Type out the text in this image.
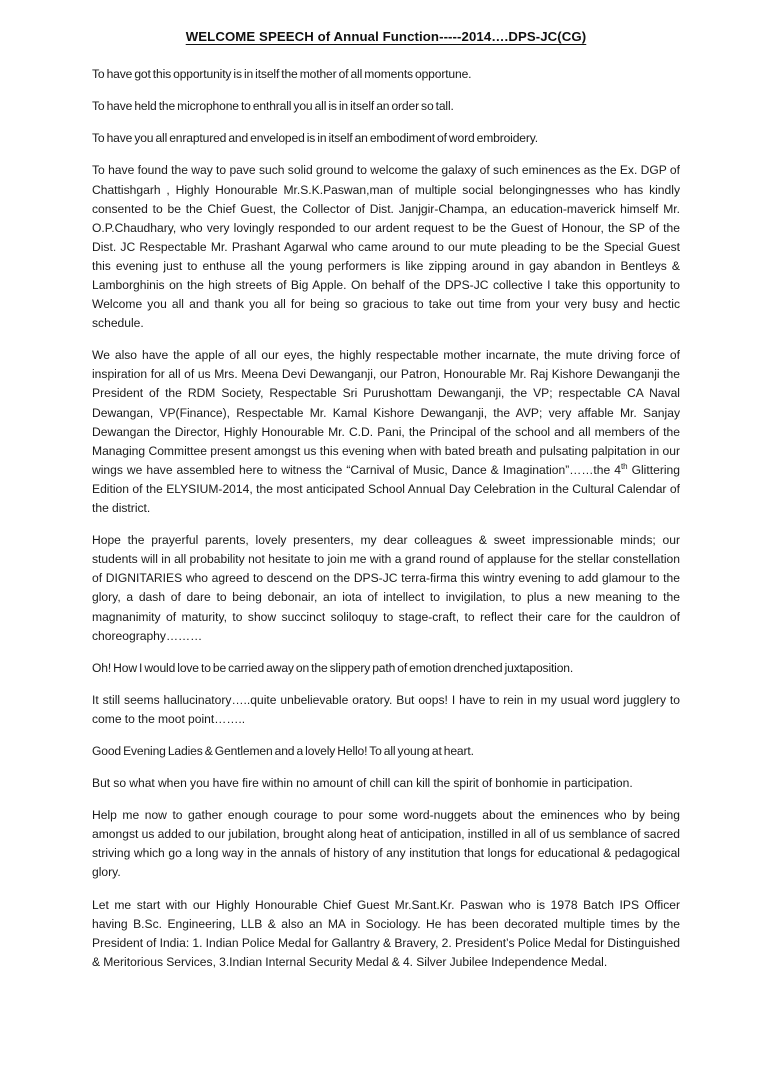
WELCOME SPEECH of Annual Function-----2014….DPS-JC(CG)

To have got this opportunity is in itself the mother of all moments opportune.

To have held the microphone to enthrall you all is in itself an order so tall.

To have you all enraptured and enveloped is in itself an embodiment of word embroidery.

To have found the way to pave such solid ground to welcome the galaxy of such eminences as the Ex. DGP of Chattishgarh , Highly Honourable Mr.S.K.Paswan,man of multiple social belongingnesses who has kindly consented to be the Chief Guest, the Collector of Dist. Janjgir-Champa, an education-maverick himself Mr. O.P.Chaudhary, who very lovingly responded to our ardent request to be the Guest of Honour, the SP of the Dist. JC Respectable Mr. Prashant Agarwal who came around to our mute pleading to be the Special Guest this evening just to enthuse all the young performers is like zipping around in gay abandon in Bentleys & Lamborghinis on the high streets of Big Apple. On behalf of the DPS-JC collective I take this opportunity to Welcome you all and thank you all for being so gracious to take out time from your very busy and hectic schedule.

We also have the apple of all our eyes, the highly respectable mother incarnate, the mute driving force of inspiration for all of us Mrs. Meena Devi Dewanganji, our Patron, Honourable Mr. Raj Kishore Dewanganji the President of the RDM Society, Respectable Sri Purushottam Dewanganji, the VP; respectable CA Naval Dewangan, VP(Finance), Respectable Mr. Kamal Kishore Dewanganji, the AVP; very affable Mr. Sanjay Dewangan the Director, Highly Honourable Mr. C.D. Pani, the Principal of the school and all members of the Managing Committee present amongst us this evening when with bated breath and pulsating palpitation in our wings we have assembled here to witness the “Carnival of Music, Dance & Imagination”……the 4th Glittering Edition of the ELYSIUM-2014, the most anticipated School Annual Day Celebration in the Cultural Calendar of the district.

Hope the prayerful parents, lovely presenters, my dear colleagues & sweet impressionable minds; our students will in all probability not hesitate to join me with a grand round of applause for the stellar constellation of DIGNITARIES who agreed to descend on the DPS-JC terra-firma this wintry evening to add glamour to the glory, a dash of dare to being debonair, an iota of intellect to invigilation, to plus a new meaning to the magnanimity of maturity, to show succinct soliloquy to stage-craft, to reflect their care for the cauldron of choreography………

Oh! How I would love to be carried away on the slippery path of emotion drenched juxtaposition.

It still seems hallucinatory…..quite unbelievable oratory. But oops! I have to rein in my usual word jugglery to come to the moot point……..

Good Evening Ladies & Gentlemen and a lovely Hello! To all young at heart.

But so what when you have fire within no amount of chill can kill the spirit of bonhomie in participation.

Help me now to gather enough courage to pour some word-nuggets about the eminences who by being amongst us added to our jubilation, brought along heat of anticipation, instilled in all of us semblance of sacred striving which go a long way in the annals of history of any institution that longs for educational & pedagogical glory.

Let me start with our Highly Honourable Chief Guest Mr.Sant.Kr. Paswan who is 1978 Batch IPS Officer having B.Sc. Engineering, LLB & also an MA in Sociology. He has been decorated multiple times by the President of India: 1. Indian Police Medal for Gallantry & Bravery, 2. President’s Police Medal for Distinguished & Meritorious Services, 3.Indian Internal Security Medal & 4. Silver Jubilee Independence Medal.
